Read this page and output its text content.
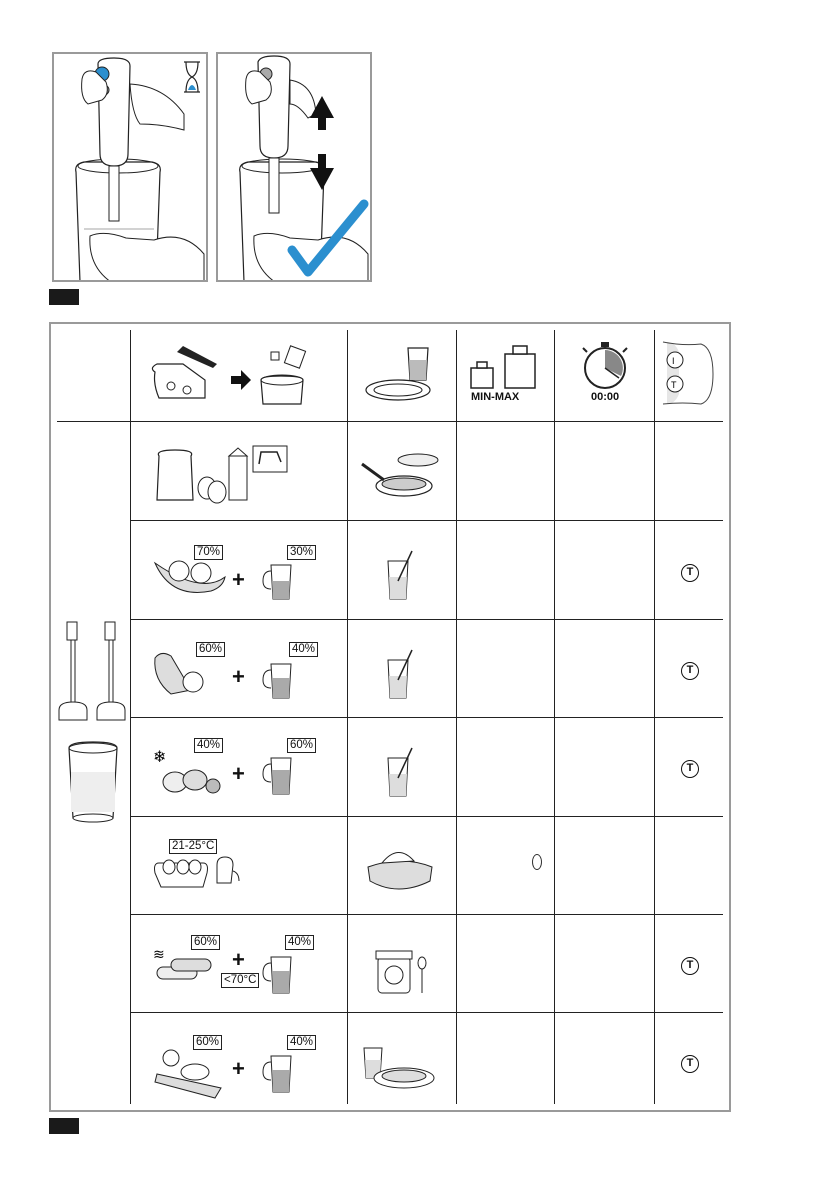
MIN-MAX	00:00
I
T
70%
+
30%
60%
+
40%
❄
40%
+
60%
21-25°C
≋
60%
+
40%
<70°C
60%
+
40%
T
T
T
T
T
